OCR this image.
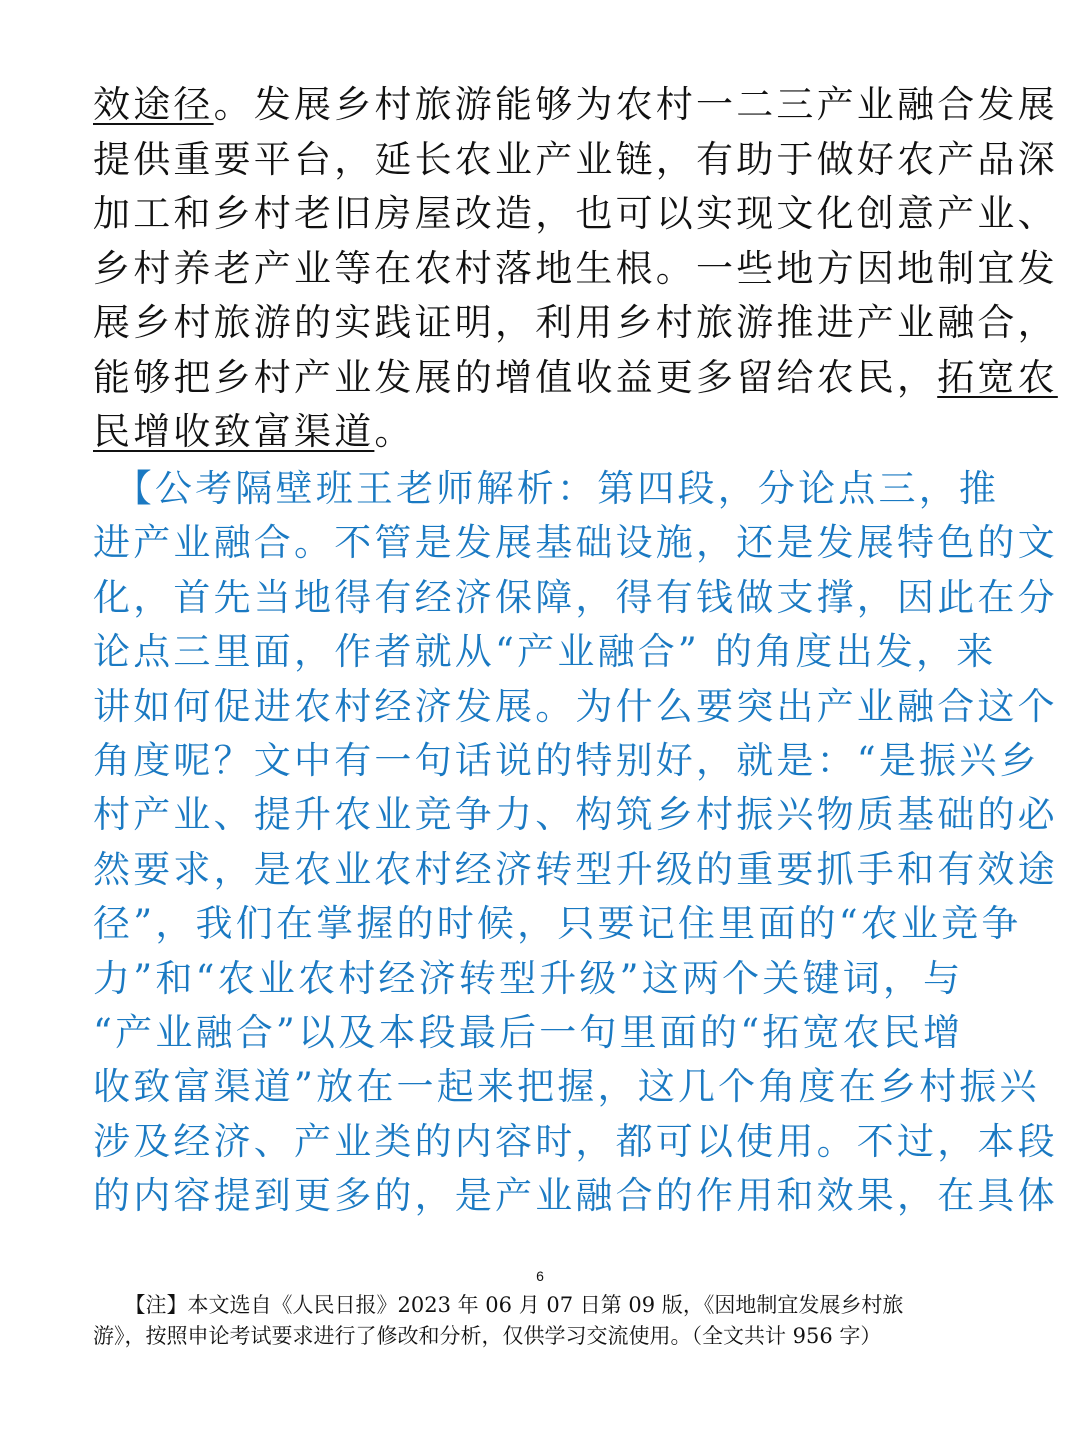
效途径。发展乡村旅游能够为农村一二三产业融合发展
提供重要平台，延长农业产业链，有助于做好农产品深
加工和乡村老旧房屋改造，也可以实现文化创意产业、
乡村养老产业等在农村落地生根。一些地方因地制宜发
展乡村旅游的实践证明，利用乡村旅游推进产业融合，
能够把乡村产业发展的增值收益更多留给农民，拓宽农
民增收致富渠道。

　【公考隔壁班王老师解析：第四段，分论点三，推
进产业融合。不管是发展基础设施，还是发展特色的文
化，首先当地得有经济保障，得有钱做支撑，因此在分
论点三里面，作者就从“产业融合” 的角度出发，来
讲如何促进农村经济发展。为什么要突出产业融合这个
角度呢？文中有一句话说的特别好，就是：“是振兴乡
村产业、提升农业竞争力、构筑乡村振兴物质基础的必
然要求，是农业农村经济转型升级的重要抓手和有效途
径”，我们在掌握的时候，只要记住里面的“农业竞争
力”和“农业农村经济转型升级”这两个关键词，与
“产业融合”以及本段最后一句里面的“拓宽农民增
收致富渠道”放在一起来把握，这几个角度在乡村振兴
涉及经济、产业类的内容时，都可以使用。不过，本段
的内容提到更多的，是产业融合的作用和效果，在具体

6

　　【注】本文选自《人民日报》2023 年 06 月 07 日第 09 版，《因地制宜发展乡村旅
游》，按照申论考试要求进行了修改和分析，仅供学习交流使用。（全文共计 956 字）
